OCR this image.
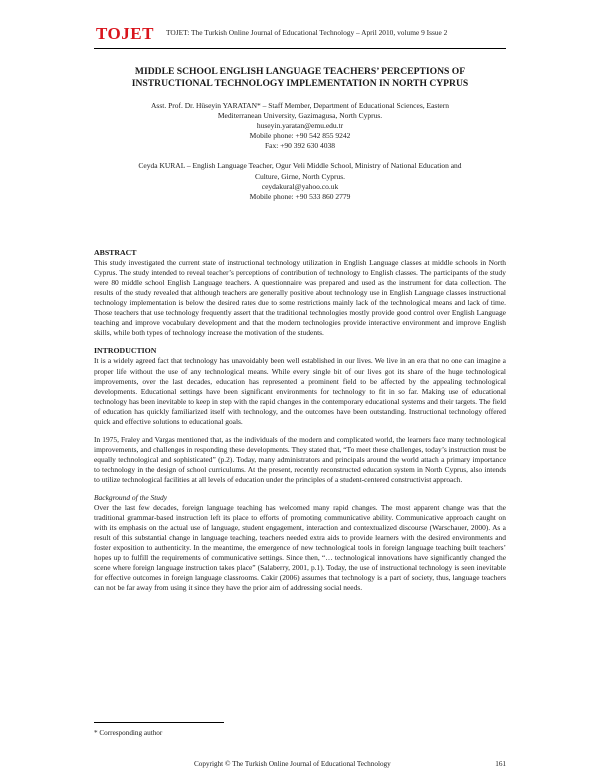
TOJET TOJET: The Turkish Online Journal of Educational Technology – April 2010, volume 9 Issue 2
MIDDLE SCHOOL ENGLISH LANGUAGE TEACHERS’ PERCEPTIONS OF
INSTRUCTIONAL TECHNOLOGY IMPLEMENTATION IN NORTH CYPRUS
Asst. Prof. Dr. Hüseyin YARATAN* – Staff Member, Department of Educational Sciences, Eastern
Mediterranean University, Gazimagusa, North Cyprus.
huseyin.yaratan@emu.edu.tr
Mobile phone: +90 542 855 9242
Fax: +90 392 630 4038
Ceyda KURAL – English Language Teacher, Ogur Veli Middle School, Ministry of National Education and
Culture, Girne, North Cyprus.
ceydakural@yahoo.co.uk
Mobile phone: +90 533 860 2779
ABSTRACT

This study investigated the current state of instructional technology utilization in English Language classes at middle schools in North Cyprus. The study intended to reveal teacher’s perceptions of contribution of technology to English classes. The participants of the study were 80 middle school English Language teachers. A questionnaire was prepared and used as the instrument for data collection. The results of the study revealed that although teachers are generally positive about technology use in English Language classes instructional technology implementation is below the desired rates due to some restrictions mainly lack of the technological means and lack of time. Those teachers that use technology frequently assert that the traditional technologies mostly provide good control over English Language teaching and improve vocabulary development and that the modern technologies provide interactive environment and improve English skills, while both types of technology increase the motivation of the students.

INTRODUCTION

It is a widely agreed fact that technology has unavoidably been well established in our lives. We live in an era that no one can imagine a proper life without the use of any technological means. While every single bit of our lives got its share of the huge technological improvements, over the last decades, education has represented a prominent field to be affected by the appealing technological developments. Educational settings have been significant environments for technology to fit in so far. Making use of educational technology has been inevitable to keep in step with the rapid changes in the contemporary educational systems and their targets. The field of education has quickly familiarized itself with technology, and the outcomes have been outstanding. Instructional technology offered quick and effective solutions to educational goals.

In 1975, Fraley and Vargas mentioned that, as the individuals of the modern and complicated world, the learners face many technological improvements, and challenges in responding these developments. They stated that, “To meet these challenges, today’s instruction must be equally technological and sophisticated” (p.2). Today, many administrators and principals around the world attach a primary importance to technology in the design of school curriculums. At the present, recently reconstructed education system in North Cyprus, also intends to utilize technological facilities at all levels of education under the principles of a student-centered constructivist approach.

Background of the Study

Over the last few decades, foreign language teaching has welcomed many rapid changes. The most apparent change was that the traditional grammar-based instruction left its place to efforts of promoting communicative ability. Communicative approach caught on with its emphasis on the actual use of language, student engagement, interaction and contextualized discourse (Warschauer, 2000). As a result of this substantial change in language teaching, teachers needed extra aids to provide learners with the desired environments and foster exposition to authenticity. In the meantime, the emergence of new technological tools in foreign language teaching built teachers’ hopes up to fulfill the requirements of communicative settings. Since then, “… technological innovations have significantly changed the scene where foreign language instruction takes place” (Salaberry, 2001, p.1). Today, the use of instructional technology is seen inevitable for effective outcomes in foreign language classrooms. Cakir (2006) assumes that technology is a part of society, thus, language teachers can not be far away from using it since they have the prior aim of addressing social needs.

* Corresponding author
Copyright © The Turkish Online Journal of Educational Technology	161
